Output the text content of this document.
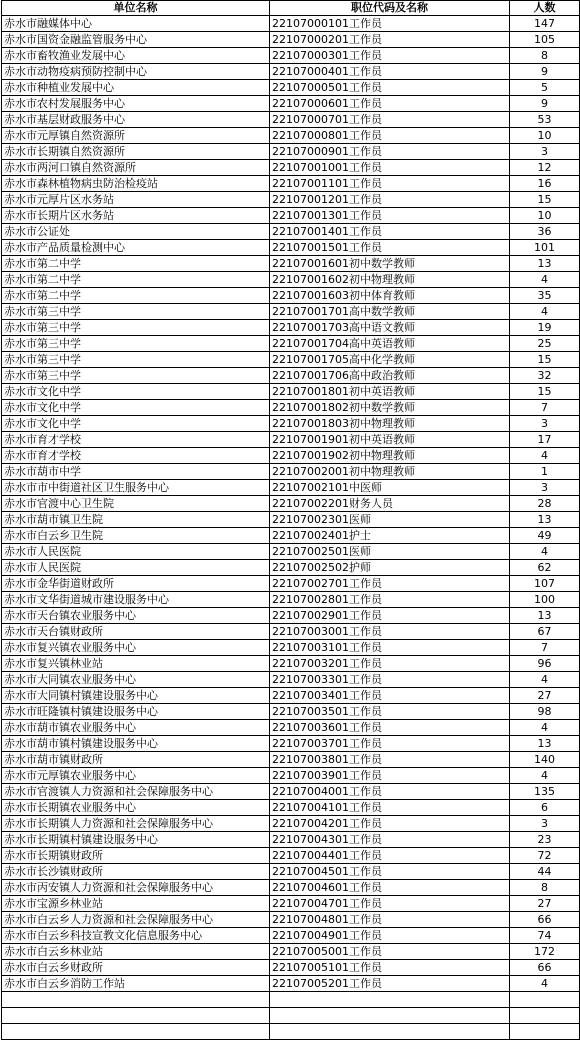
单位名称	职位代码及名称	人数
赤水市融媒体中心	22107000101工作员	147
赤水市国资金融监管服务中心	22107000201工作员	105
赤水市畜牧渔业发展中心	22107000301工作员	8
赤水市动物疫病预防控制中心	22107000401工作员	9
赤水市种植业发展中心	22107000501工作员	5
赤水市农村发展服务中心	22107000601工作员	9
赤水市基层财政服务中心	22107000701工作员	53
赤水市元厚镇自然资源所	22107000801工作员	10
赤水市长期镇自然资源所	22107000901工作员	3
赤水市两河口镇自然资源所	22107001001工作员	12
赤水市森林植物病虫防治检疫站	22107001101工作员	16
赤水市元厚片区水务站	22107001201工作员	15
赤水市长期片区水务站	22107001301工作员	10
赤水市公证处	22107001401工作员	36
赤水市产品质量检测中心	22107001501工作员	101
赤水市第二中学	22107001601初中数学教师	13
赤水市第二中学	22107001602初中物理教师	4
赤水市第二中学	22107001603初中体育教师	35
赤水市第三中学	22107001701高中数学教师	4
赤水市第三中学	22107001703高中语文教师	19
赤水市第三中学	22107001704高中英语教师	25
赤水市第三中学	22107001705高中化学教师	15
赤水市第三中学	22107001706高中政治教师	32
赤水市文化中学	22107001801初中英语教师	15
赤水市文化中学	22107001802初中数学教师	7
赤水市文化中学	22107001803初中物理教师	3
赤水市育才学校	22107001901初中英语教师	17
赤水市育才学校	22107001902初中物理教师	4
赤水市葫市中学	22107002001初中物理教师	1
赤水市市中街道社区卫生服务中心	22107002101中医师	3
赤水市官渡中心卫生院	22107002201财务人员	28
赤水市葫市镇卫生院	22107002301医师	13
赤水市白云乡卫生院	22107002401护士	49
赤水市人民医院	22107002501医师	4
赤水市人民医院	22107002502护师	62
赤水市金华街道财政所	22107002701工作员	107
赤水市文华街道城市建设服务中心	22107002801工作员	100
赤水市天台镇农业服务中心	22107002901工作员	13
赤水市天台镇财政所	22107003001工作员	67
赤水市复兴镇农业服务中心	22107003101工作员	7
赤水市复兴镇林业站	22107003201工作员	96
赤水市大同镇农业服务中心	22107003301工作员	4
赤水市大同镇村镇建设服务中心	22107003401工作员	27
赤水市旺隆镇村镇建设服务中心	22107003501工作员	98
赤水市葫市镇农业服务中心	22107003601工作员	4
赤水市葫市镇村镇建设服务中心	22107003701工作员	13
赤水市葫市镇财政所	22107003801工作员	140
赤水市元厚镇农业服务中心	22107003901工作员	4
赤水市官渡镇人力资源和社会保障服务中心	22107004001工作员	135
赤水市长期镇农业服务中心	22107004101工作员	6
赤水市长期镇人力资源和社会保障服务中心	22107004201工作员	3
赤水市长期镇村镇建设服务中心	22107004301工作员	23
赤水市长期镇财政所	22107004401工作员	72
赤水市长沙镇财政所	22107004501工作员	44
赤水市丙安镇人力资源和社会保障服务中心	22107004601工作员	8
赤水市宝源乡林业站	22107004701工作员	27
赤水市白云乡人力资源和社会保障服务中心	22107004801工作员	66
赤水市白云乡科技宣教文化信息服务中心	22107004901工作员	74
赤水市白云乡林业站	22107005001工作员	172
赤水市白云乡财政所	22107005101工作员	66
赤水市白云乡消防工作站	22107005201工作员	4
